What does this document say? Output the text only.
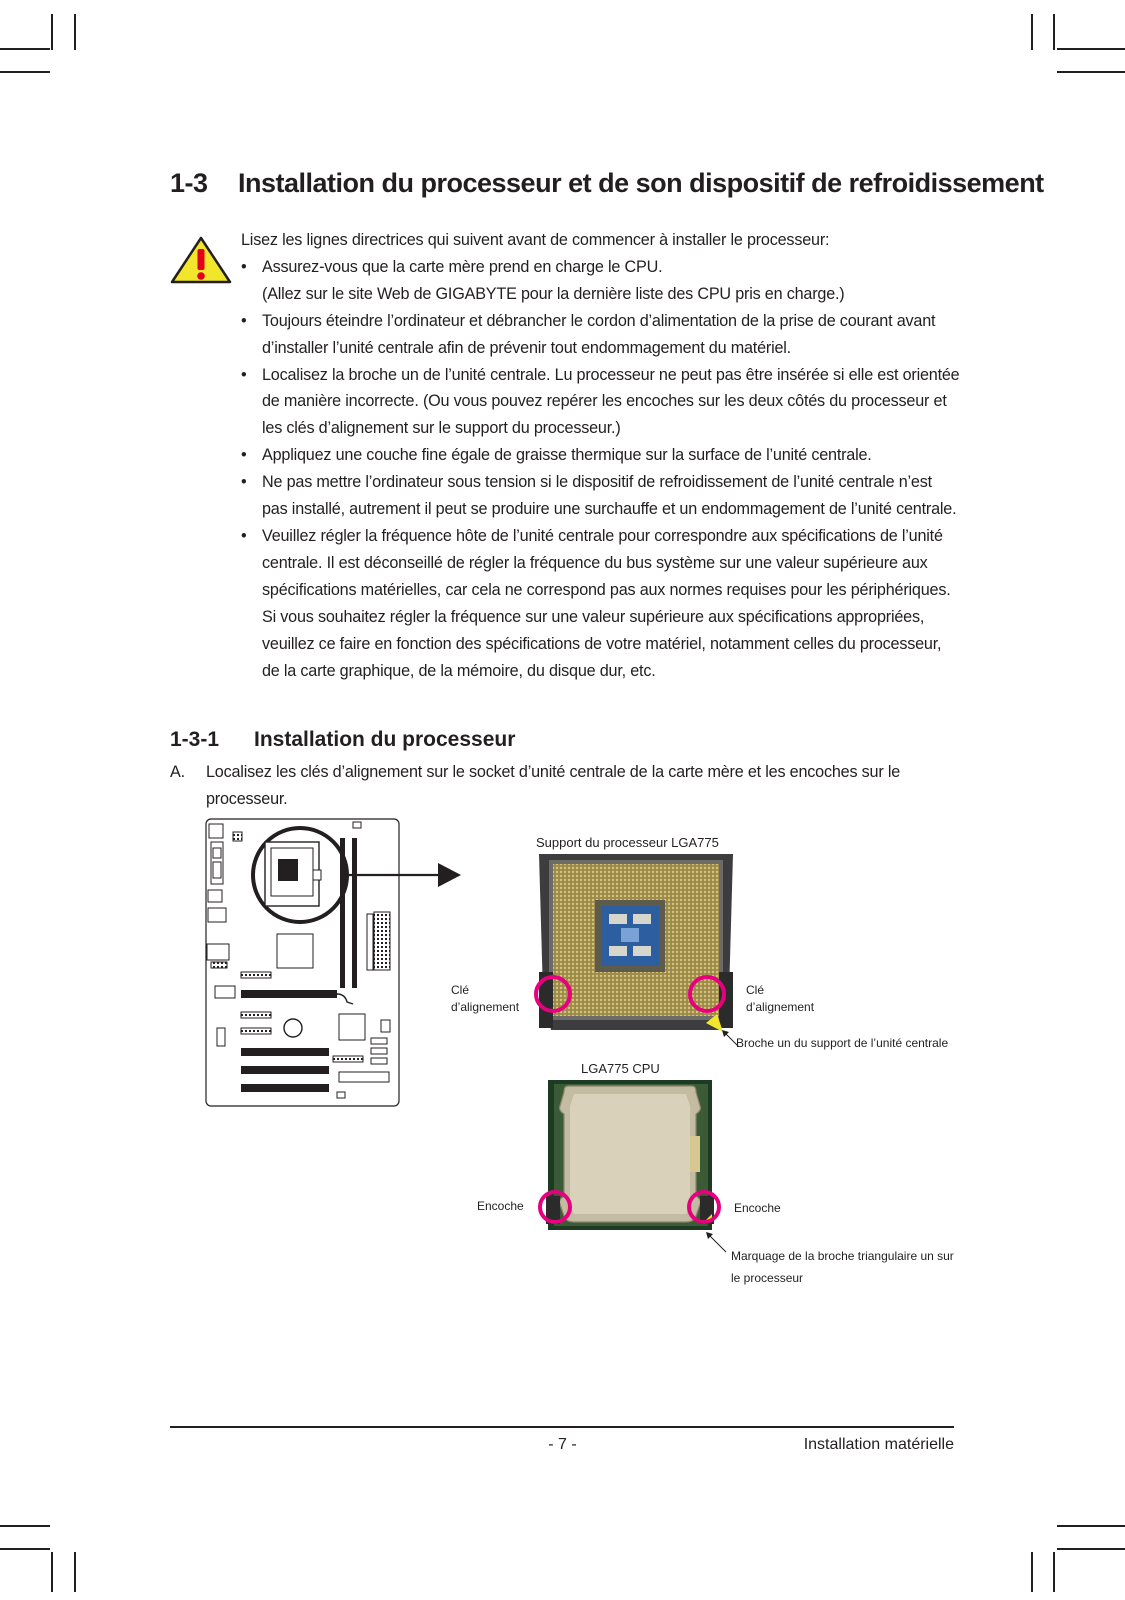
1-3 Installation du processeur et de son dispositif de refroidissement
Lisez les lignes directrices qui suivent avant de commencer à installer le processeur:
• Assurez-vous que la carte mère prend en charge le CPU.
(Allez sur le site Web de GIGABYTE pour la dernière liste des CPU pris en charge.)
• Toujours éteindre l’ordinateur et débrancher le cordon d’alimentation de la prise de courant avant d’installer l’unité centrale afin de prévenir tout endommagement du matériel.
• Localisez la broche un de l’unité centrale. Lu processeur ne peut pas être insérée si elle est orientée de manière incorrecte. (Ou vous pouvez repérer les encoches sur les deux côtés du processeur et les clés d’alignement sur le support du processeur.)
• Appliquez une couche fine égale de graisse thermique sur la surface de l’unité centrale.
• Ne pas mettre l’ordinateur sous tension si le dispositif de refroidissement de l’unité centrale n’est pas installé, autrement il peut se produire une surchauffe et un endommagement de l’unité centrale.
• Veuillez régler la fréquence hôte de l’unité centrale pour correspondre aux spécifications de l’unité centrale. Il est déconseillé de régler la fréquence du bus système sur une valeur supérieure aux spécifications matérielles, car cela ne correspond pas aux normes requises pour les périphériques. Si vous souhaitez régler la fréquence sur une valeur supérieure aux spécifications appropriées, veuillez ce faire en fonction des spécifications de votre matériel, notamment celles du processeur, de la carte graphique, de la mémoire, du disque dur, etc.
1-3-1 Installation du processeur
A.	Localisez les clés d’alignement sur le socket d’unité centrale de la carte mère et les encoches sur le processeur.
Support du processeur LGA775
Clé
d’alignement
Clé
d’alignement
Broche un du support de l’unité centrale
LGA775 CPU
Encoche	Encoche
Marquage de la broche triangulaire un sur
le processeur
- 7 -	Installation matérielle
